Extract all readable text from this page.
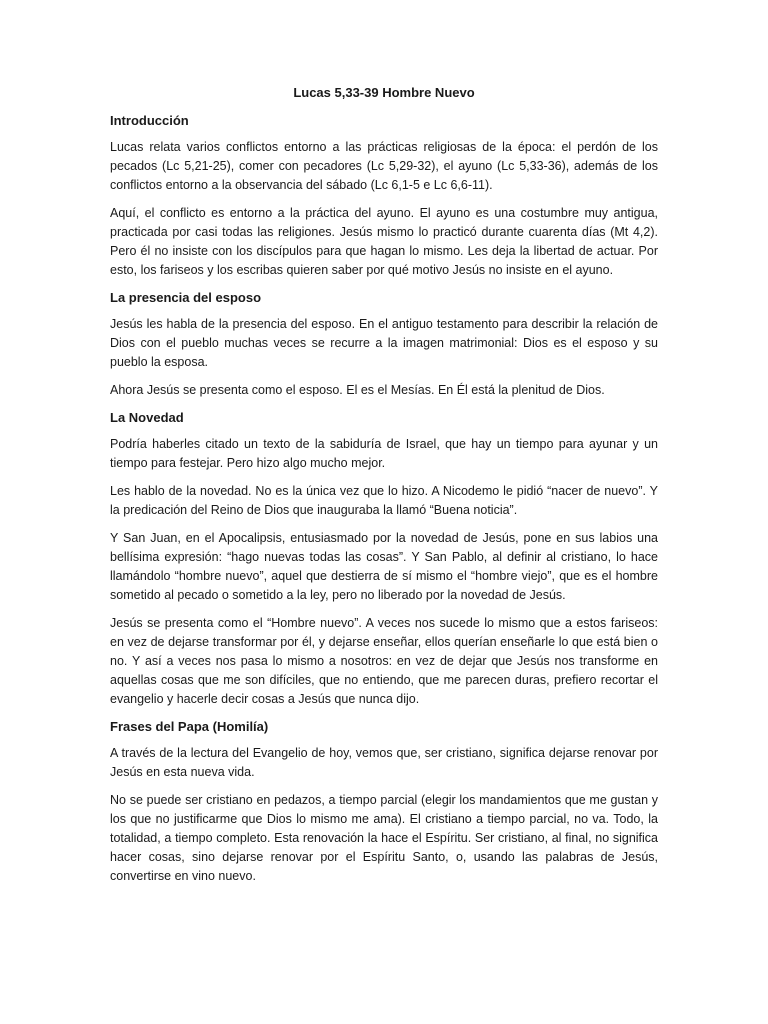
Lucas 5,33-39 Hombre Nuevo
Introducción

Lucas relata varios conflictos entorno a las prácticas religiosas de la época: el perdón de los pecados (Lc 5,21-25), comer con pecadores (Lc 5,29-32), el ayuno (Lc 5,33-36), además de los conflictos entorno a la observancia del sábado (Lc 6,1-5 e Lc 6,6-11).

Aquí, el conflicto es entorno a la práctica del ayuno. El ayuno es una costumbre muy antigua, practicada por casi todas las religiones. Jesús mismo lo practicó durante cuarenta días (Mt 4,2). Pero él no insiste con los discípulos para que hagan lo mismo. Les deja la libertad de actuar. Por esto, los fariseos y los escribas quieren saber por qué motivo Jesús no insiste en el ayuno.

La presencia del esposo

Jesús les habla de la presencia del esposo. En el antiguo testamento para describir la relación de Dios con el pueblo muchas veces se recurre a la imagen matrimonial: Dios es el esposo y su pueblo la esposa.

Ahora Jesús se presenta como el esposo. El es el Mesías. En Él está la plenitud de Dios.

La Novedad

Podría haberles citado un texto de la sabiduría de Israel, que hay un tiempo para ayunar y un tiempo para festejar. Pero hizo algo mucho mejor.

Les hablo de la novedad. No es la única vez que lo hizo. A Nicodemo le pidió “nacer de nuevo”. Y la predicación del Reino de Dios que inauguraba la llamó “Buena noticia”.

Y San Juan, en el Apocalipsis, entusiasmado por la novedad de Jesús, pone en sus labios una bellísima expresión: “hago nuevas todas las cosas”. Y San Pablo, al definir al cristiano, lo hace llamándolo “hombre nuevo”, aquel que destierra de sí mismo el “hombre viejo”, que es el hombre sometido al pecado o sometido a la ley, pero no liberado por la novedad de Jesús.

Jesús se presenta como el “Hombre nuevo”. A veces nos sucede lo mismo que a estos fariseos: en vez de dejarse transformar por él, y dejarse enseñar, ellos querían enseñarle lo que está bien o no. Y así a veces nos pasa lo mismo a nosotros: en vez de dejar que Jesús nos transforme en aquellas cosas que me son difíciles, que no entiendo, que me parecen duras, prefiero recortar el evangelio y hacerle decir cosas a Jesús que nunca dijo.

Frases del Papa (Homilía)

A través de la lectura del Evangelio de hoy, vemos que, ser cristiano, significa dejarse renovar por Jesús en esta nueva vida.

No se puede ser cristiano en pedazos, a tiempo parcial (elegir los mandamientos que me gustan y los que no justificarme que Dios lo mismo me ama). El cristiano a tiempo parcial, no va. Todo, la totalidad, a tiempo completo. Esta renovación la hace el Espíritu. Ser cristiano, al final, no significa hacer cosas, sino dejarse renovar por el Espíritu Santo, o, usando las palabras de Jesús, convertirse en vino nuevo.
